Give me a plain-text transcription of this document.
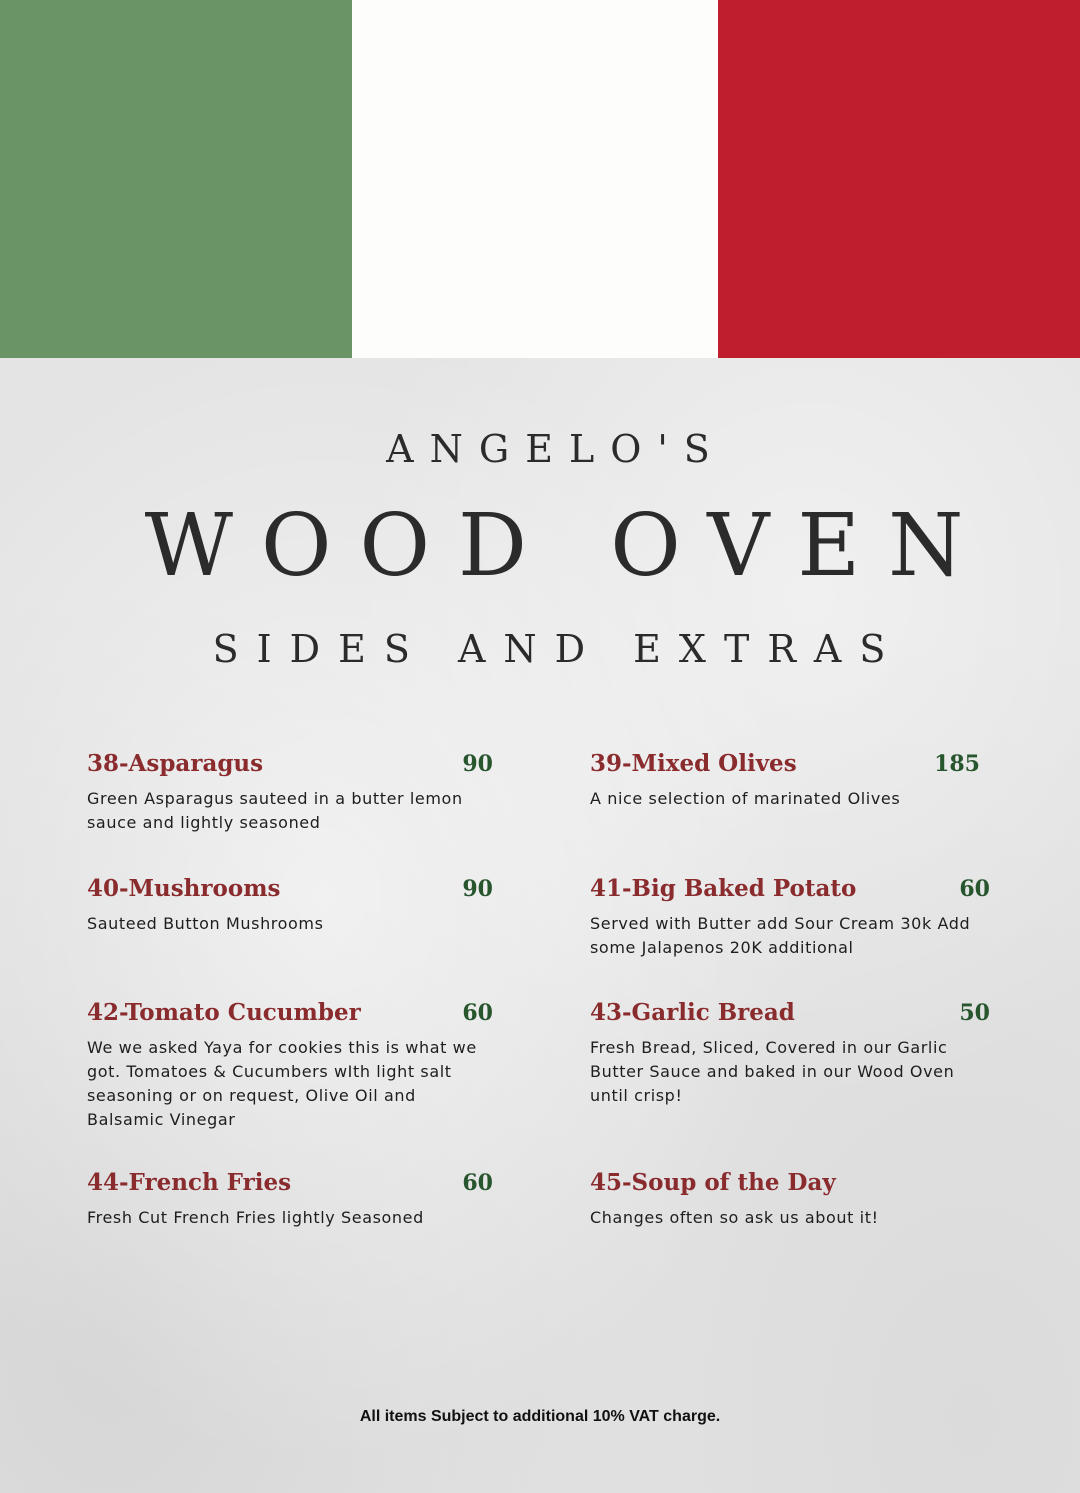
ANGELO'S
WOOD OVEN
SIDES AND EXTRAS
38-Asparagus	90
Green Asparagus sauteed in a butter lemon sauce and lightly seasoned
39-Mixed Olives	185
A nice selection of marinated Olives
40-Mushrooms	90
Sauteed Button Mushrooms
41-Big Baked Potato	60
Served with Butter add Sour Cream 30k Add some Jalapenos 20K additional
42-Tomato Cucumber	60
We we asked Yaya for cookies this is what we got. Tomatoes & Cucumbers wIth light salt seasoning or on request, Olive Oil and Balsamic Vinegar
43-Garlic Bread	50
Fresh Bread, Sliced, Covered in our Garlic Butter Sauce and baked in our Wood Oven until crisp!
44-French Fries	60
Fresh Cut French Fries lightly Seasoned
45-Soup of the Day
Changes often so ask us about it!
All items Subject to additional 10% VAT charge.
